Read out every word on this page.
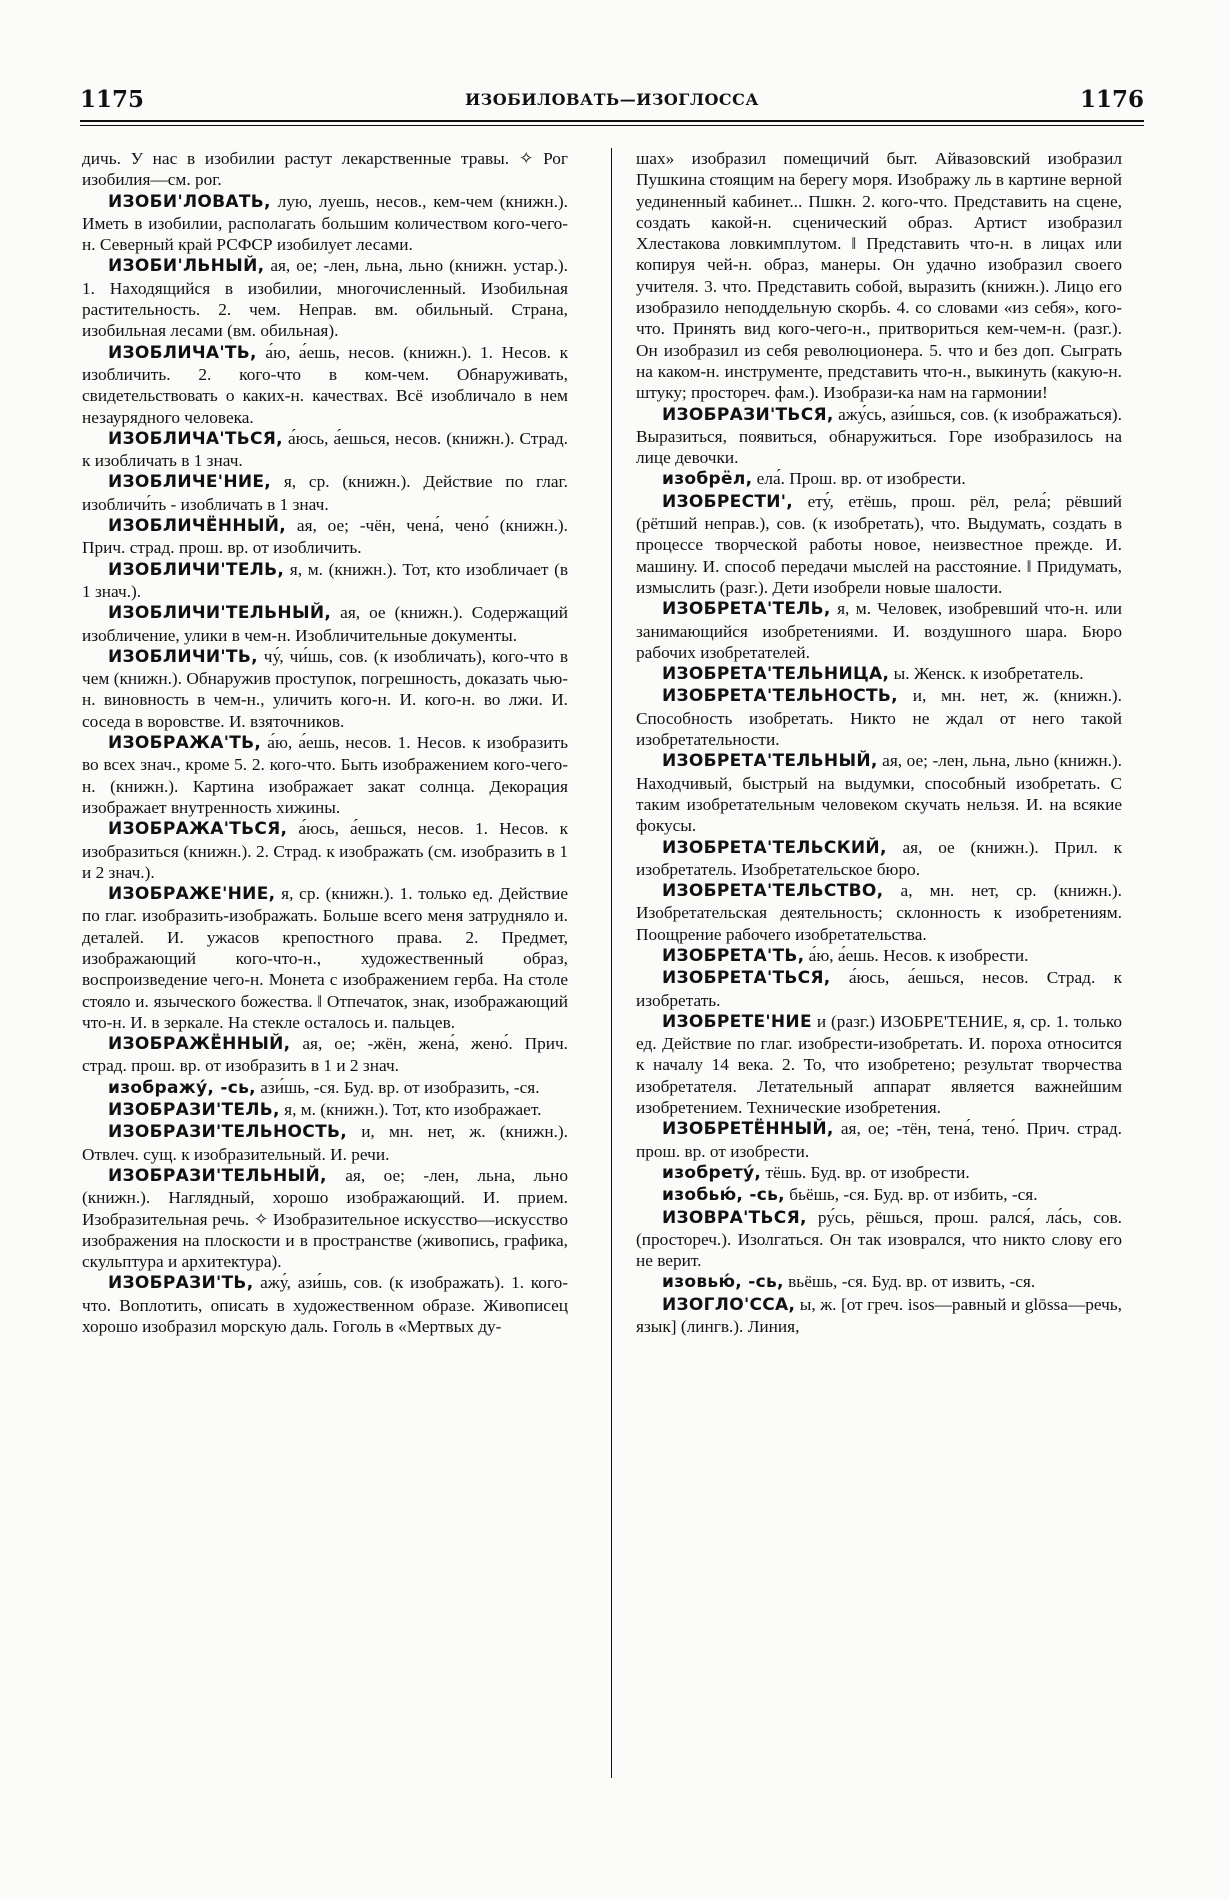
1175	ИЗОБИЛОВАТЬ—ИЗОГЛОССА	1176

дичь. У нас в изобилии растут лекарственные травы. ✧ Рог изобилия—см. рог.

ИЗОБИ'ЛОВАТЬ, лую, луешь, несов., кем-чем (книжн.). Иметь в изобилии, располагать большим количеством кого-чего-н. Северный край РСФСР изобилует лесами.

ИЗОБИ'ЛЬНЫЙ, ая, ое; -лен, льна, льно (книжн. устар.). 1. Находящийся в изобилии, многочисленный. Изобильная растительность. 2. чем. Неправ. вм. обильный. Страна, изобильная лесами (вм. обильная).

ИЗОБЛИЧА'ТЬ, а́ю, а́ешь, несов. (книжн.). 1. Несов. к изобличить. 2. кого-что в ком-чем. Обнаруживать, свидетельствовать о каких-н. качествах. Всё изобличало в нем незаурядного человека.

ИЗОБЛИЧА'ТЬСЯ, а́юсь, а́ешься, несов. (книжн.). Страд. к изобличать в 1 знач.

ИЗОБЛИЧЕ'НИЕ, я, ср. (книжн.). Действие по глаг. изобличи́ть - изобличать в 1 знач.

ИЗОБЛИЧЁННЫЙ, ая, ое; -чён, чена́, чено́ (книжн.). Прич. страд. прош. вр. от изобличить.

ИЗОБЛИЧИ'ТЕЛЬ, я, м. (книжн.). Тот, кто изобличает (в 1 знач.).

ИЗОБЛИЧИ'ТЕЛЬНЫЙ, ая, ое (книжн.). Содержащий изобличение, улики в чем-н. Изобличительные документы.

ИЗОБЛИЧИ'ТЬ, чу́, чи́шь, сов. (к изобличать), кого-что в чем (книжн.). Обнаружив проступок, погрешность, доказать чью-н. виновность в чем-н., уличить кого-н. И. кого-н. во лжи. И. соседа в воровстве. И. взяточников.

ИЗОБРАЖА'ТЬ, а́ю, а́ешь, несов. 1. Несов. к изобразить во всех знач., кроме 5. 2. кого-что. Быть изображением кого-чего-н. (книжн.). Картина изображает закат солнца. Декорация изображает внутренность хижины.

ИЗОБРАЖА'ТЬСЯ, а́юсь, а́ешься, несов. 1. Несов. к изобразиться (книжн.). 2. Страд. к изображать (см. изобразить в 1 и 2 знач.).

ИЗОБРАЖЕ'НИЕ, я, ср. (книжн.). 1. только ед. Действие по глаг. изобразить-изображать. Больше всего меня затрудняло и. деталей. И. ужасов крепостного права. 2. Предмет, изображающий кого-что-н., художественный образ, воспроизведение чего-н. Монета с изображением герба. На столе стояло и. языческого божества. ‖ Отпечаток, знак, изображающий что-н. И. в зеркале. На стекле осталось и. пальцев.

ИЗОБРАЖЁННЫЙ, ая, ое; -жён, жена́, жено́. Прич. страд. прош. вр. от изобразить в 1 и 2 знач.

изображу́, -сь, ази́шь, -ся. Буд. вр. от изобразить, -ся.

ИЗОБРАЗИ'ТЕЛЬ, я, м. (книжн.). Тот, кто изображает.

ИЗОБРАЗИ'ТЕЛЬНОСТЬ, и, мн. нет, ж. (книжн.). Отвлеч. сущ. к изобразительный. И. речи.

ИЗОБРАЗИ'ТЕЛЬНЫЙ, ая, ое; -лен, льна, льно (книжн.). Наглядный, хорошо изображающий. И. прием. Изобразительная речь. ✧ Изобразительное искусство—искусство изображения на плоскости и в пространстве (живопись, графика, скульптура и архитектура).

ИЗОБРАЗИ'ТЬ, ажу́, ази́шь, сов. (к изображать). 1. кого-что. Воплотить, описать в художественном образе. Живописец хорошо изобразил морскую даль. Гоголь в «Мертвых ду-

шах» изобразил помещичий быт. Айвазовский изобразил Пушкина стоящим на берегу моря. Изображу ль в картине верной уединенный кабинет... Пшкн. 2. кого-что. Представить на сцене, создать какой-н. сценический образ. Артист изобразил Хлестакова ловкимплутом. ‖ Представить что-н. в лицах или копируя чей-н. образ, манеры. Он удачно изобразил своего учителя. 3. что. Представить собой, выразить (книжн.). Лицо его изобразило неподдельную скорбь. 4. со словами «из себя», кого-что. Принять вид кого-чего-н., притвориться кем-чем-н. (разг.). Он изобразил из себя революционера. 5. что и без доп. Сыграть на каком-н. инструменте, представить что-н., выкинуть (какую-н. штуку; простореч. фам.). Изобрази-ка нам на гармонии!

ИЗОБРАЗИ'ТЬСЯ, ажу́сь, ази́шься, сов. (к изображаться). Выразиться, появиться, обнаружиться. Горе изобразилось на лице девочки.

изобрёл, ела́. Прош. вр. от изобрести.

ИЗОБРЕСТИ', ету́, етёшь, прош. рёл, рела́; рёвший (рётший неправ.), сов. (к изобретать), что. Выдумать, создать в процессе творческой работы новое, неизвестное прежде. И. машину. И. способ передачи мыслей на расстояние. ‖ Придумать, измыслить (разг.). Дети изобрели новые шалости.

ИЗОБРЕТА'ТЕЛЬ, я, м. Человек, изобревший что-н. или занимающийся изобретениями. И. воздушного шара. Бюро рабочих изобретателей.

ИЗОБРЕТА'ТЕЛЬНИЦА, ы. Женск. к изобретатель.

ИЗОБРЕТА'ТЕЛЬНОСТЬ, и, мн. нет, ж. (книжн.). Способность изобретать. Никто не ждал от него такой изобретательности.

ИЗОБРЕТА'ТЕЛЬНЫЙ, ая, ое; -лен, льна, льно (книжн.). Находчивый, быстрый на выдумки, способный изобретать. С таким изобретательным человеком скучать нельзя. И. на всякие фокусы.

ИЗОБРЕТА'ТЕЛЬСКИЙ, ая, ое (книжн.). Прил. к изобретатель. Изобретательское бюро.

ИЗОБРЕТА'ТЕЛЬСТВО, а, мн. нет, ср. (книжн.). Изобретательская деятельность; склонность к изобретениям. Поощрение рабочего изобретательства.

ИЗОБРЕТА'ТЬ, а́ю, а́ешь. Несов. к изобрести.

ИЗОБРЕТА'ТЬСЯ, а́юсь, а́ешься, несов. Страд. к изобретать.

ИЗОБРЕТЕ'НИЕ и (разг.) ИЗОБРЕ'ТЕНИЕ, я, ср. 1. только ед. Действие по глаг. изобрести-изобретать. И. пороха относится к началу 14 века. 2. То, что изобретено; результат творчества изобретателя. Летательный аппарат является важнейшим изобретением. Технические изобретения.

ИЗОБРЕТЁННЫЙ, ая, ое; -тён, тена́, тено́. Прич. страд. прош. вр. от изобрести.

изобрету́, тёшь. Буд. вр. от изобрести.

изобью́, -сь, бьёшь, -ся. Буд. вр. от избить, -ся.

ИЗОВРА'ТЬСЯ, ру́сь, рёшься, прош. рался́, ла́сь, сов. (простореч.). Изолгаться. Он так изоврался, что никто слову его не верит.

изовью́, -сь, вьёшь, -ся. Буд. вр. от извить, -ся.

ИЗОГЛО'ССА, ы, ж. [от греч. isos—равный и glōssa—речь, язык] (лингв.). Линия,
